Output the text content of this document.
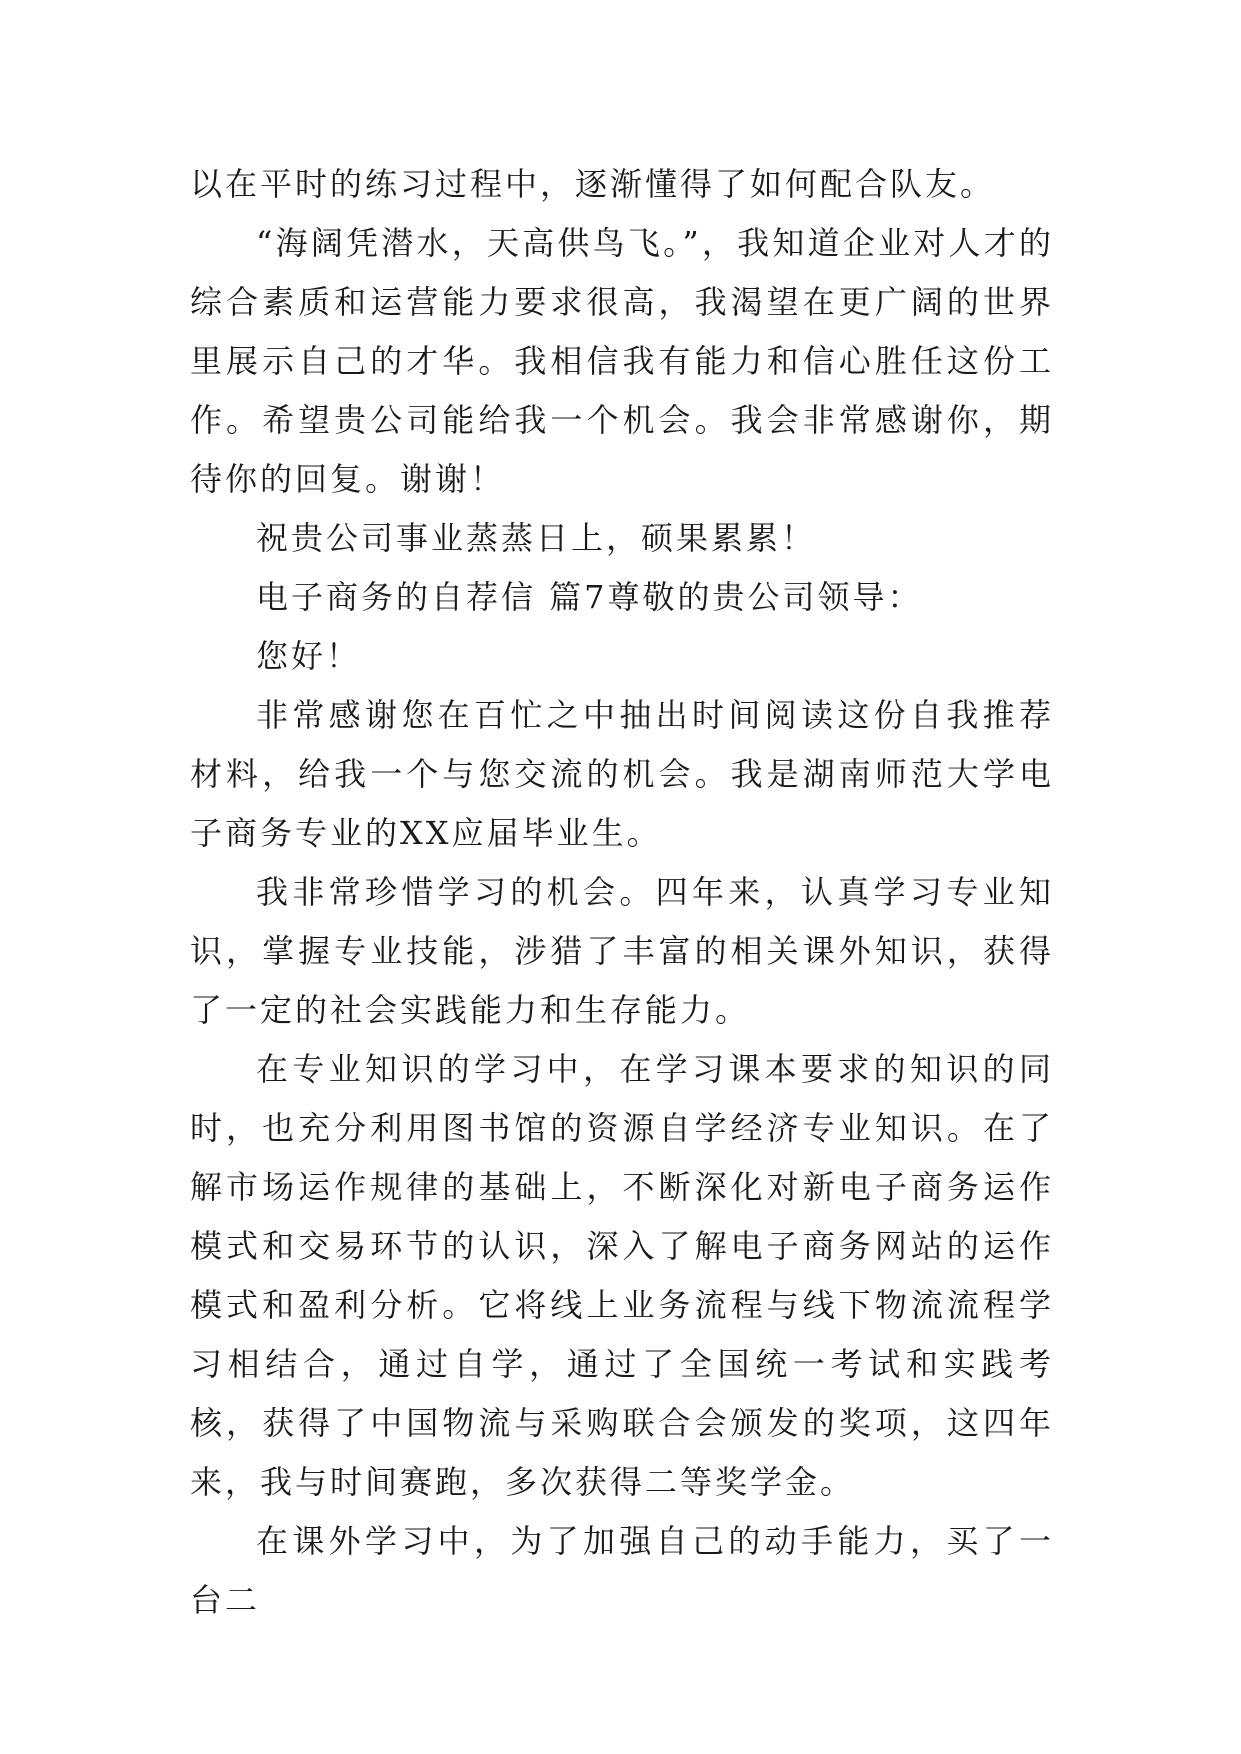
以在平时的练习过程中，逐渐懂得了如何配合队友。

“海阔凭潜水，天高供鸟飞。”，我知道企业对人才的综合素质和运营能力要求很高，我渴望在更广阔的世界里展示自己的才华。我相信我有能力和信心胜任这份工作。希望贵公司能给我一个机会。我会非常感谢你，期待你的回复。谢谢！

祝贵公司事业蒸蒸日上，硕果累累！

电子商务的自荐信 篇7尊敬的贵公司领导：

您好！

非常感谢您在百忙之中抽出时间阅读这份自我推荐材料，给我一个与您交流的机会。我是湖南师范大学电子商务专业的XX应届毕业生。

我非常珍惜学习的机会。四年来，认真学习专业知识，掌握专业技能，涉猎了丰富的相关课外知识，获得了一定的社会实践能力和生存能力。

在专业知识的学习中，在学习课本要求的知识的同时，也充分利用图书馆的资源自学经济专业知识。在了解市场运作规律的基础上，不断深化对新电子商务运作模式和交易环节的认识，深入了解电子商务网站的运作模式和盈利分析。它将线上业务流程与线下物流流程学习相结合，通过自学，通过了全国统一考试和实践考核，获得了中国物流与采购联合会颁发的奖项，这四年来，我与时间赛跑，多次获得二等奖学金。

在课外学习中，为了加强自己的动手能力，买了一台二
